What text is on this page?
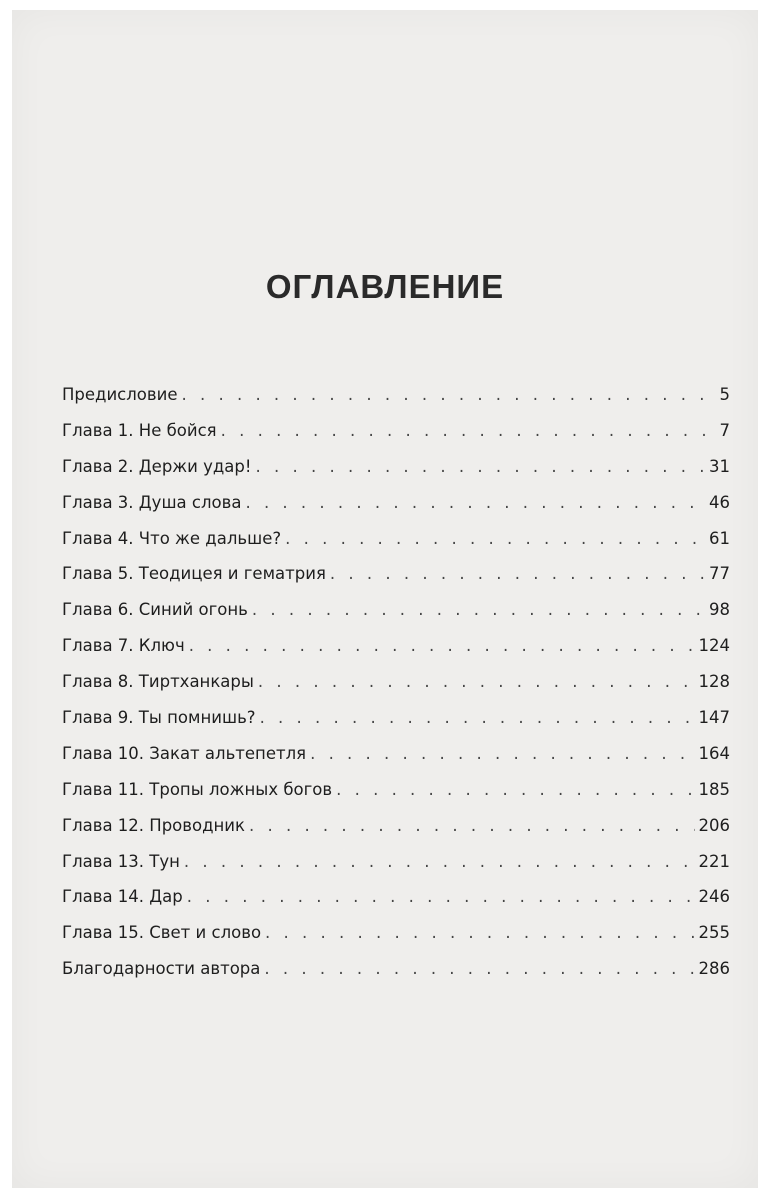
ОГЛАВЛЕНИЕ
Предисловие . . .	5
Глава 1. Не бойся . . .	7
Глава 2. Держи удар! . . .	31
Глава 3. Душа слова . . .	46
Глава 4. Что же дальше? . . .	61
Глава 5. Теодицея и гематрия . . .	77
Глава 6. Синий огонь . . .	98
Глава 7. Ключ . . .	124
Глава 8. Тиртханкары . . .	128
Глава 9. Ты помнишь? . . .	147
Глава 10. Закат альтепетля . . .	164
Глава 11. Тропы ложных богов . . .	185
Глава 12. Проводник . . .	206
Глава 13. Тун . . .	221
Глава 14. Дар . . .	246
Глава 15. Свет и слово . . .	255
Благодарности автора . . .	286
